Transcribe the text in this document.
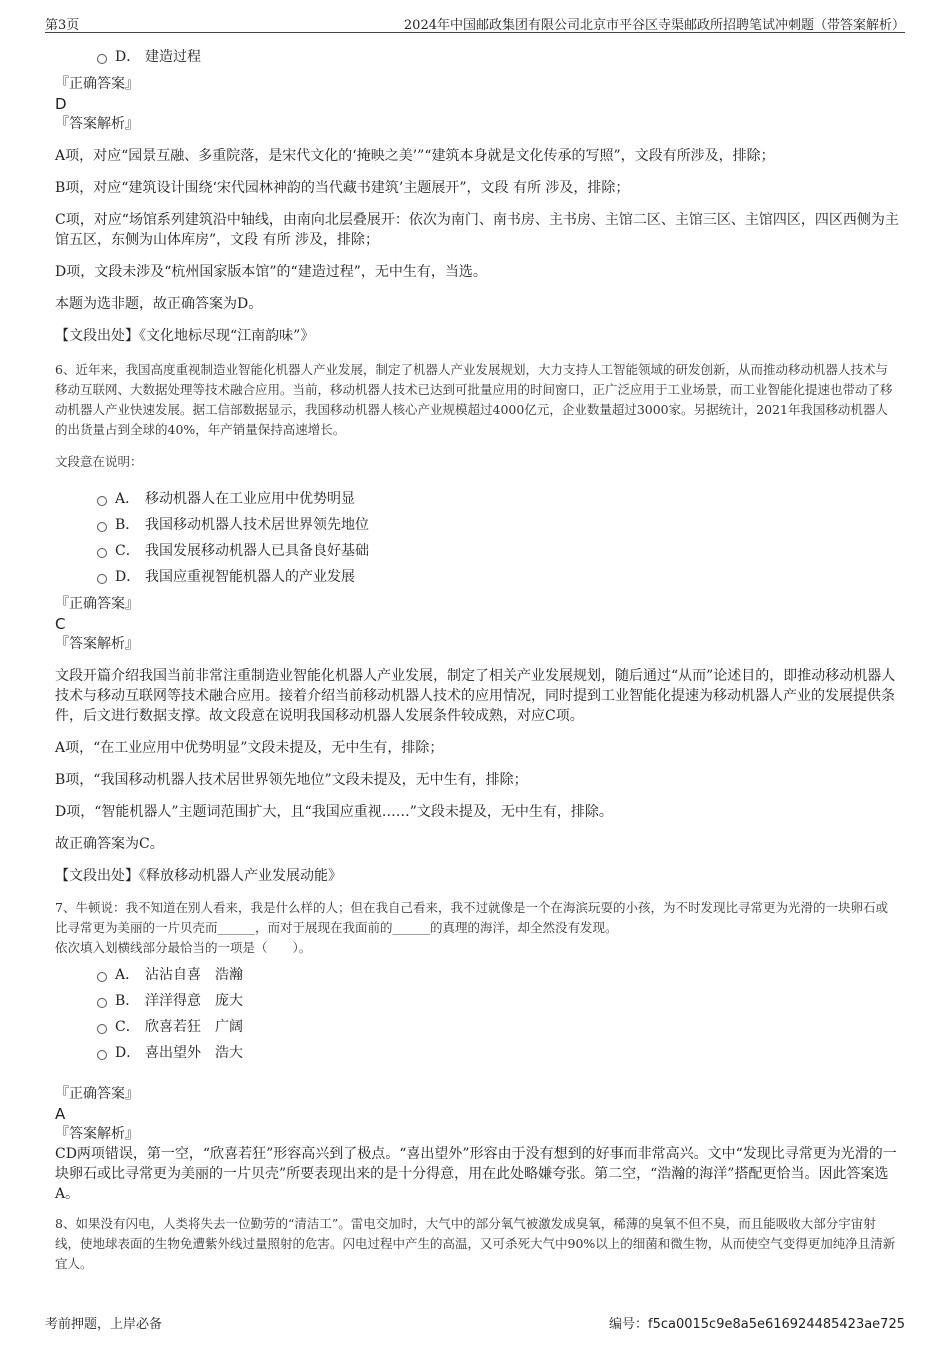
第3页	2024年中国邮政集团有限公司北京市平谷区寺渠邮政所招聘笔试冲刺题（带答案解析）
D． 建造过程
『正确答案』
D
『答案解析』
A项，对应“园景互融、多重院落，是宋代文化的‘掩映之美’”“建筑本身就是文化传承的写照”，文段有所涉及，排除；
B项，对应“建筑设计围绕‘宋代园林神韵的当代藏书建筑’主题展开”，文段 有所 涉及，排除；
C项，对应“场馆系列建筑沿中轴线，由南向北层叠展开：依次为南门、南书房、主书房、主馆二区、主馆三区、主馆四区，四区西侧为主馆五区，东侧为山体库房”，文段 有所 涉及，排除；
D项，文段未涉及“杭州国家版本馆”的“建造过程”，无中生有，当选。
本题为选非题，故正确答案为D。
【文段出处】《文化地标尽现“江南韵味”》
6、近年来，我国高度重视制造业智能化机器人产业发展，制定了机器人产业发展规划，大力支持人工智能领域的研发创新，从而推动移动机器人技术与移动互联网、大数据处理等技术融合应用。当前，移动机器人技术已达到可批量应用的时间窗口，正广泛应用于工业场景，而工业智能化提速也带动了移动机器人产业快速发展。据工信部数据显示，我国移动机器人核心产业规模超过4000亿元，企业数量超过3000家。另据统计，2021年我国移动机器人的出货量占到全球的40%，年产销量保持高速增长。
文段意在说明：
A． 移动机器人在工业应用中优势明显
B． 我国移动机器人技术居世界领先地位
C． 我国发展移动机器人已具备良好基础
D． 我国应重视智能机器人的产业发展
『正确答案』
C
『答案解析』
文段开篇介绍我国当前非常注重制造业智能化机器人产业发展，制定了相关产业发展规划，随后通过“从而”论述目的，即推动移动机器人技术与移动互联网等技术融合应用。接着介绍当前移动机器人技术的应用情况，同时提到工业智能化提速为移动机器人产业的发展提供条件，后文进行数据支撑。故文段意在说明我国移动机器人发展条件较成熟，对应C项。
A项，“在工业应用中优势明显”文段未提及，无中生有，排除；
B项，“我国移动机器人技术居世界领先地位”文段未提及，无中生有，排除；
D项，“智能机器人”主题词范围扩大，且“我国应重视……”文段未提及，无中生有，排除。
故正确答案为C。
【文段出处】《释放移动机器人产业发展动能》
7、牛顿说：我不知道在别人看来，我是什么样的人；但在我自己看来，我不过就像是一个在海滨玩耍的小孩，为不时发现比寻常更为光滑的一块卵石或比寻常更为美丽的一片贝壳而______，而对于展现在我面前的______的真理的海洋，却全然没有发现。
依次填入划横线部分最恰当的一项是（　　）。
A． 沾沾自喜　浩瀚
B． 洋洋得意　庞大
C． 欣喜若狂　广阔
D． 喜出望外　浩大
『正确答案』
A
『答案解析』
CD两项错误，第一空，“欣喜若狂”形容高兴到了极点。“喜出望外”形容由于没有想到的好事而非常高兴。文中“发现比寻常更为光滑的一块卵石或比寻常更为美丽的一片贝壳”所要表现出来的是十分得意，用在此处略嫌夸张。第二空，“浩瀚的海洋”搭配更恰当。因此答案选A。
8、如果没有闪电，人类将失去一位勤劳的“清洁工”。雷电交加时，大气中的部分氧气被激发成臭氧，稀薄的臭氧不但不臭，而且能吸收大部分宇宙射线，使地球表面的生物免遭紫外线过量照射的危害。闪电过程中产生的高温，又可杀死大气中90%以上的细菌和微生物，从而使空气变得更加纯净且清新宜人。
考前押题，上岸必备	编号：f5ca0015c9e8a5e616924485423ae725
